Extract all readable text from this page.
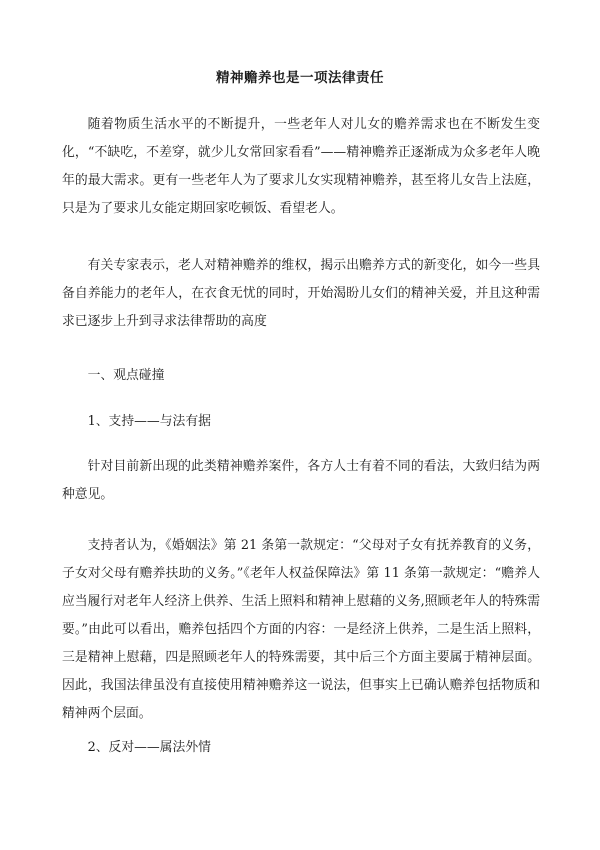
精神赡养也是一项法律责任

随着物质生活水平的不断提升，一些老年人对儿女的赡养需求也在不断发生变化，“不缺吃，不差穿，就少儿女常回家看看”——精神赡养正逐渐成为众多老年人晚年的最大需求。更有一些老年人为了要求儿女实现精神赡养，甚至将儿女告上法庭，只是为了要求儿女能定期回家吃顿饭、看望老人。

有关专家表示，老人对精神赡养的维权，揭示出赡养方式的新变化，如今一些具备自养能力的老年人，在衣食无忧的同时，开始渴盼儿女们的精神关爱，并且这种需求已逐步上升到寻求法律帮助的高度

一、观点碰撞

1、支持——与法有据

针对目前新出现的此类精神赡养案件，各方人士有着不同的看法，大致归结为两种意见。

支持者认为，《婚姻法》第 21 条第一款规定：“父母对子女有抚养教育的义务，子女对父母有赡养扶助的义务。”《老年人权益保障法》第 11 条第一款规定：“赡养人应当履行对老年人经济上供养、生活上照料和精神上慰藉的义务,照顾老年人的特殊需要。”由此可以看出，赡养包括四个方面的内容：一是经济上供养，二是生活上照料，三是精神上慰藉，四是照顾老年人的特殊需要，其中后三个方面主要属于精神层面。因此，我国法律虽没有直接使用精神赡养这一说法，但事实上已确认赡养包括物质和精神两个层面。

2、反对——属法外情
